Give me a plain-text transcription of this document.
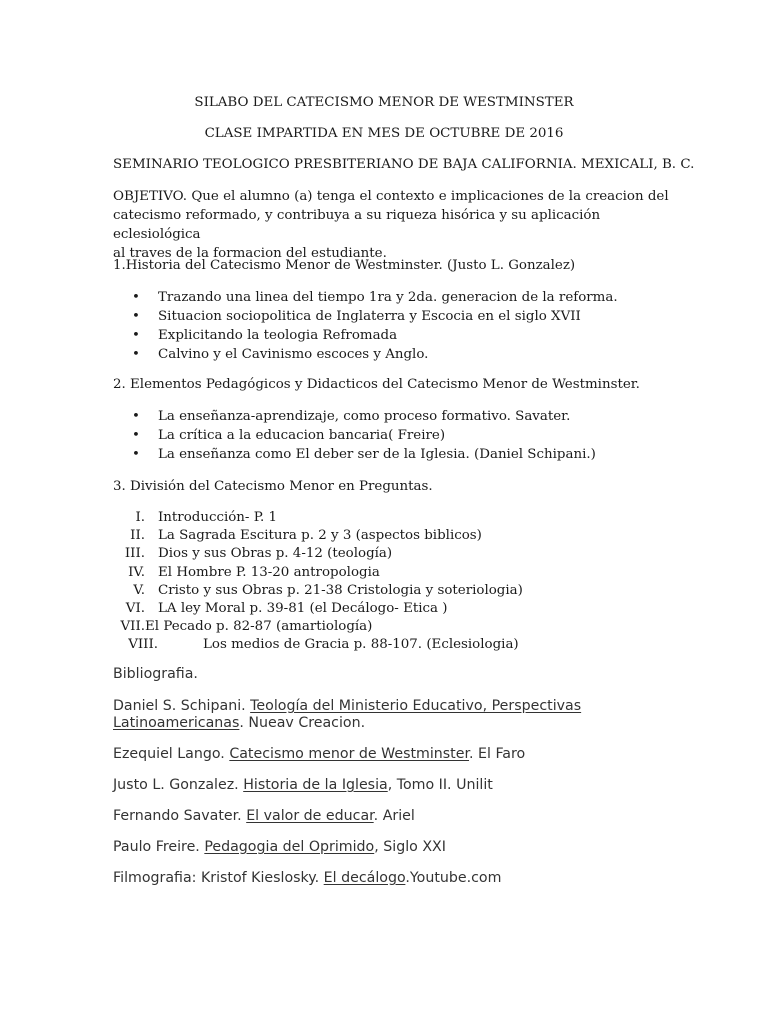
SILABO DEL CATECISMO MENOR DE WESTMINSTER
CLASE IMPARTIDA EN MES DE OCTUBRE DE 2016
SEMINARIO TEOLOGICO PRESBITERIANO DE BAJA CALIFORNIA. MEXICALI, B. C.
OBJETIVO. Que el alumno (a) tenga el contexto e implicaciones de la creacion del
catecismo reformado, y contribuya a su riqueza hisórica y su aplicación eclesiológica
al traves de la formacion del estudiante.
1.Historia del Catecismo Menor de Westminster. (Justo L. Gonzalez)
• Trazando una linea del tiempo 1ra y 2da. generacion de la reforma.
• Situacion sociopolitica de Inglaterra y Escocia en el siglo XVII
• Explicitando la teologia Refromada
• Calvino y el Cavinismo escoces y Anglo.
2. Elementos Pedagógicos y Didacticos del Catecismo Menor de Westminster.
• La enseñanza-aprendizaje, como proceso formativo. Savater.
• La crítica a la educacion bancaria( Freire)
• La enseñanza como El deber ser de la Iglesia. (Daniel Schipani.)
3. División del Catecismo Menor en Preguntas.
I. Introducción- P. 1
II. La Sagrada Escitura p. 2 y 3 (aspectos biblicos)
III. Dios y sus Obras p. 4-12 (teología)
IV. El Hombre P. 13-20 antropologia
V. Cristo y sus Obras p. 21-38 Cristologia y soteriologia)
VI. LA ley Moral p. 39-81 (el Decálogo- Etica )
VII.El Pecado p. 82-87 (amartiología)
VIII.	Los medios de Gracia p. 88-107. (Eclesiologia)
Bibliografia.
Daniel S. Schipani. Teología del Ministerio Educativo, Perspectivas
Latinoamericanas. Nueav Creacion.
Ezequiel Lango. Catecismo menor de Westminster. El Faro
Justo L. Gonzalez. Historia de la Iglesia, Tomo II. Unilit
Fernando Savater. El valor de educar. Ariel
Paulo Freire. Pedagogia del Oprimido, Siglo XXI
Filmografia: Kristof Kieslosky. El decálogo.Youtube.com
